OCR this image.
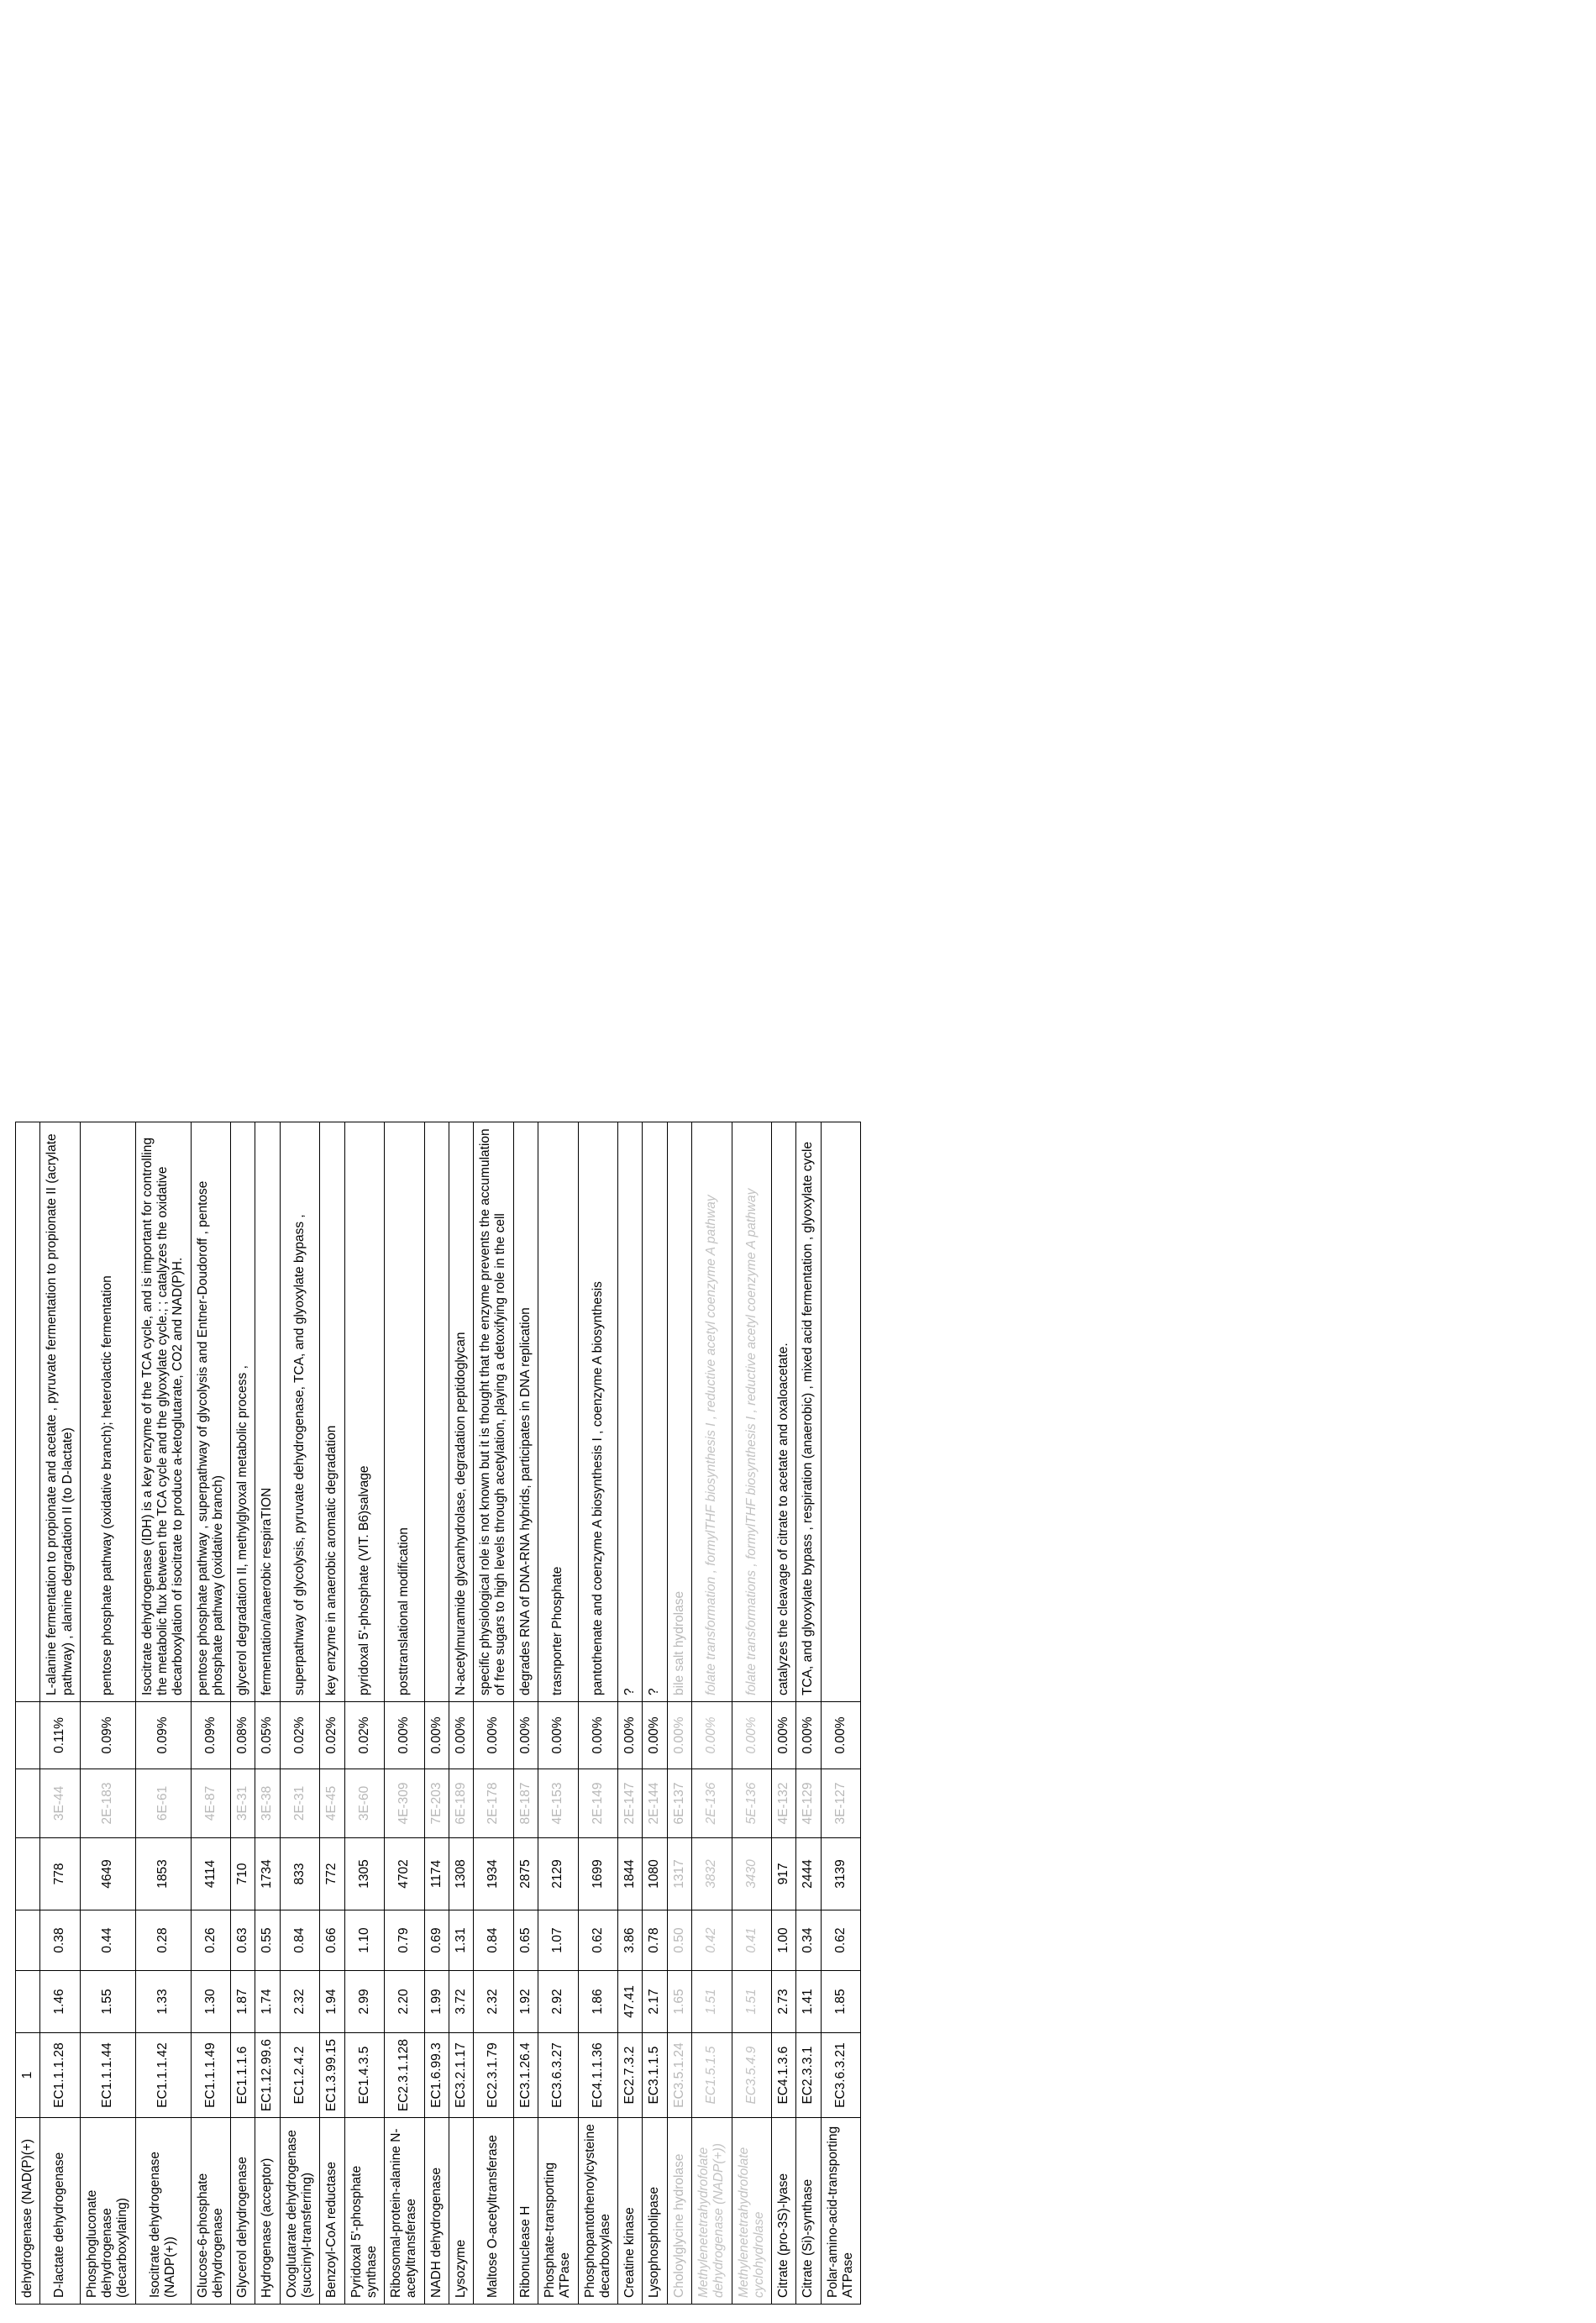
dehydrogenase (NAD(P)(+)	1						
D-lactate dehydrogenase	EC1.1.1.28	1.46	0.38	778	3E-44	0.11%	L-alanine fermentation to propionate and acetate , pyruvate fermentation to propionate II (acrylate pathway) , alanine degradation II (to D-lactate)
Phosphogluconate dehydrogenase (decarboxylating)	EC1.1.1.44	1.55	0.44	4649	2E-183	0.09%	pentose phosphate pathway (oxidative branch); heterolactic fermentation
Isocitrate dehydrogenase (NADP(+))	EC1.1.1.42	1.33	0.28	1853	6E-61	0.09%	Isocitrate dehydrogenase (IDH) is a key enzyme of the TCA cycle, and is important for controlling the metabolic flux between the TCA cycle and the glyoxylate cycle.; ; catalyzes the oxidative decarboxylation of isocitrate to produce a-ketoglutarate, CO2 and NAD(P)H.
Glucose-6-phosphate dehydrogenase	EC1.1.1.49	1.30	0.26	4114	4E-87	0.09%	pentose phosphate pathway , superpathway of glycolysis and Entner-Doudoroff , pentose phosphate pathway (oxidative branch)
Glycerol dehydrogenase	EC1.1.1.6	1.87	0.63	710	3E-31	0.08%	glycerol degradation II, methylglyoxal metabolic process ,
Hydrogenase (acceptor)	EC1.12.99.6	1.74	0.55	1734	3E-38	0.05%	fermentation/anaerobic respiraTION
Oxoglutarate dehydrogenase (succinyl-transferring)	EC1.2.4.2	2.32	0.84	833	2E-31	0.02%	superpathway of glycolysis, pyruvate dehydrogenase, TCA, and glyoxylate bypass ,
Benzoyl-CoA reductase	EC1.3.99.15	1.94	0.66	772	4E-45	0.02%	key enzyme in anaerobic aromatic degradation
Pyridoxal 5'-phosphate synthase	EC1.4.3.5	2.99	1.10	1305	3E-60	0.02%	pyridoxal 5'-phosphate (VIT. B6)salvage
Ribosomal-protein-alanine N-acetyltransferase	EC2.3.1.128	2.20	0.79	4702	4E-309	0.00%	posttranslational modification
NADH dehydrogenase	EC1.6.99.3	1.99	0.69	1174	7E-203	0.00%	
Lysozyme	EC3.2.1.17	3.72	1.31	1308	6E-189	0.00%	N-acetylmuramide glycanhydrolase, degradation peptidoglycan
Maltose O-acetyltransferase	EC2.3.1.79	2.32	0.84	1934	2E-178	0.00%	specific physiological role is not known but it is thought that the enzyme prevents the accumulation of free sugars to high levels through acetylation, playing a detoxifying role in the cell
Ribonuclease H	EC3.1.26.4	1.92	0.65	2875	8E-187	0.00%	degrades RNA of DNA-RNA hybrids, participates in DNA replication
Phosphate-transporting ATPase	EC3.6.3.27	2.92	1.07	2129	4E-153	0.00%	trasnporter Phosphate
Phosphopantothenoylcysteine decarboxylase	EC4.1.1.36	1.86	0.62	1699	2E-149	0.00%	pantothenate and coenzyme A biosynthesis I , coenzyme A biosynthesis
Creatine kinase	EC2.7.3.2	47.41	3.86	1844	2E-147	0.00%	?
Lysophospholipase	EC3.1.1.5	2.17	0.78	1080	2E-144	0.00%	?
Choloylglycine hydrolase	EC3.5.1.24	1.65	0.50	1317	6E-137	0.00%	bile salt hydrolase
Methylenetetrahydrofolate dehydrogenase (NADP(+))	EC1.5.1.5	1.51	0.42	3832	2E-136	0.00%	folate transformation , formylTHF biosynthesis I , reductive acetyl coenzyme A pathway
Methylenetetrahydrofolate cyclohydrolase	EC3.5.4.9	1.51	0.41	3430	5E-136	0.00%	folate transformations , formylTHF biosynthesis I , reductive acetyl coenzyme A pathway
Citrate (pro-3S)-lyase	EC4.1.3.6	2.73	1.00	917	4E-132	0.00%	catalyzes the cleavage of citrate to acetate and oxaloacetate.
Citrate (Si)-synthase	EC2.3.3.1	1.41	0.34	2444	4E-129	0.00%	TCA, and glyoxylate bypass , respiration (anaerobic) , mixed acid fermentation , glyoxylate cycle
Polar-amino-acid-transporting ATPase	EC3.6.3.21	1.85	0.62	3139	3E-127	0.00%	
